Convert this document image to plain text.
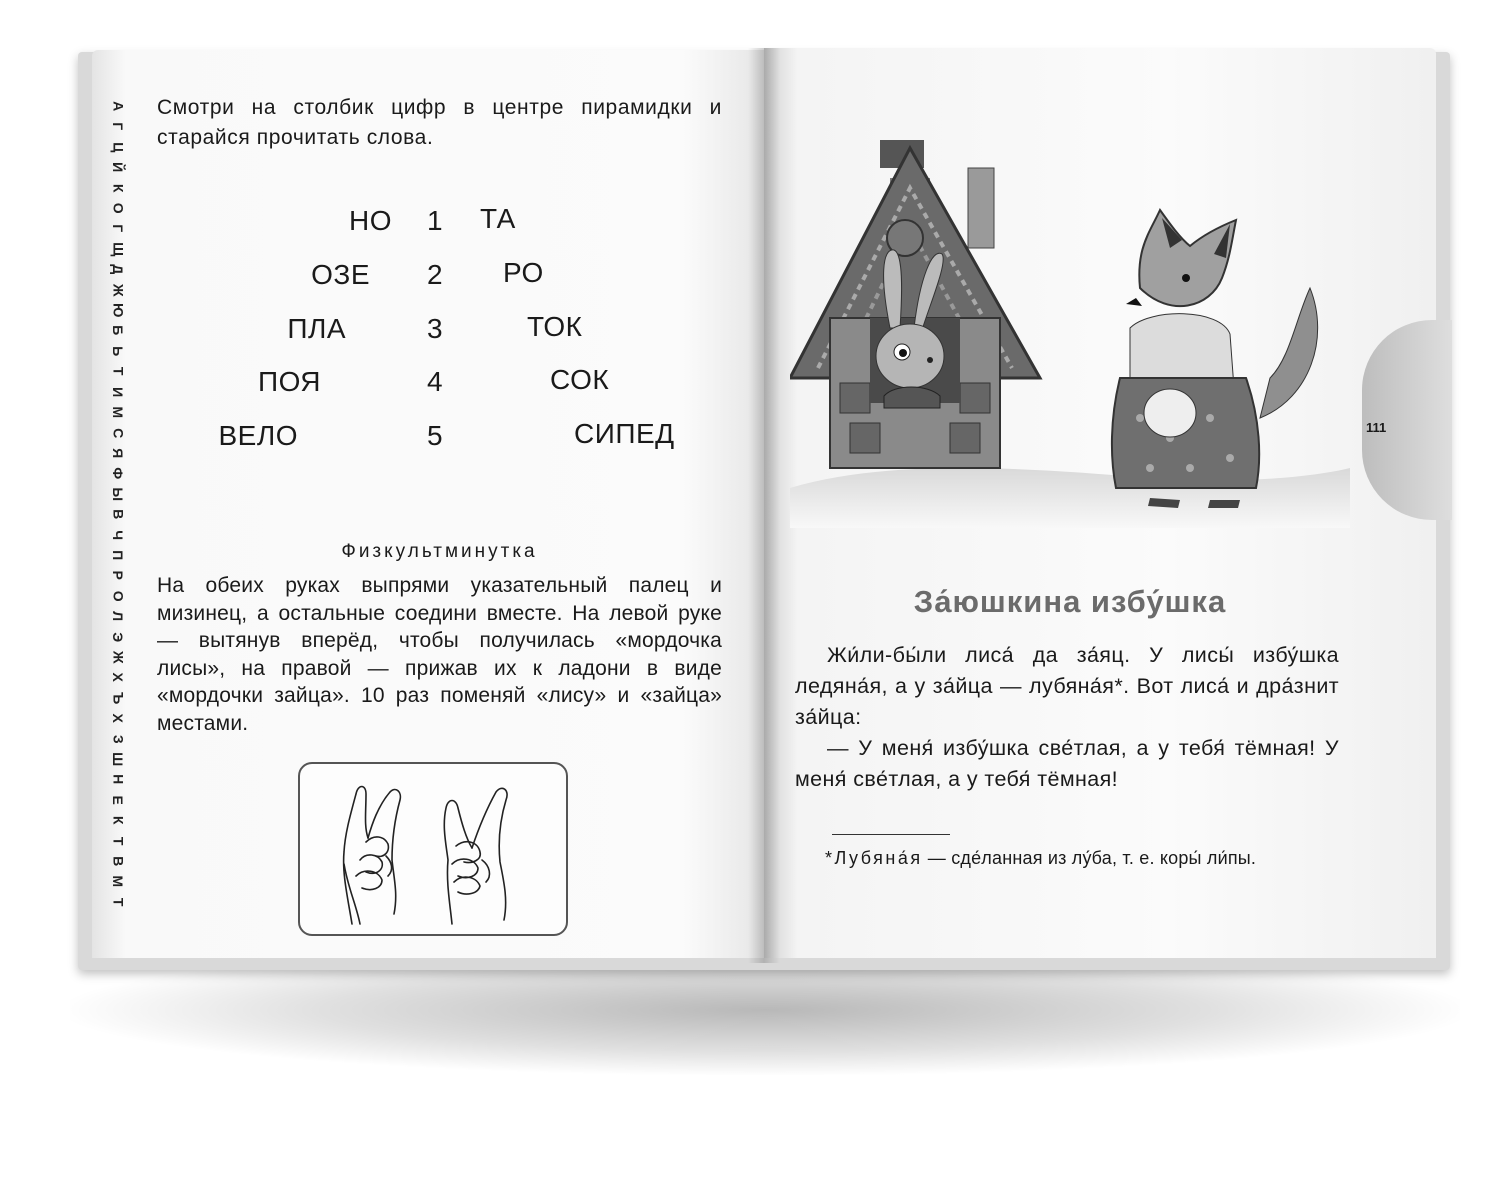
А
Г
Ц
Й
К
О
Г
Щ
Д
Ж
Ю
Б
Ь
Т
И
М
С
Я
Ф
Ы
В
Ч
П
Р
О
Л
Э
Ж
Х
Ъ
Х
З
Ш
Н
Е
К
Т
В
М
Т
Смотри на столбик цифр в центре пирамидки и старайся прочитать слова.
НО 1 ТА
ОЗЕ 2 РО
ПЛА	3	ТОК
ПОЯ	4	СОК
ВЕЛО	5	СИПЕД
Физкультминутка
На обеих руках выпрями указательный палец и мизинец, а остальные соедини вместе. На левой руке — вытянув вперёд, чтобы получилась «мордочка лисы», на правой — прижав их к ладони в виде «мордочки зайца». 10 раз поменяй «лису» и «зайца» местами.
111
За́юшкина избу́шка

Жи́ли-бы́ли лиса́ да за́яц. У лисы́ избу́шка ледяна́я, а у за́йца — лубяна́я*. Вот лиса́ и дра́знит за́йца:

— У меня́ избу́шка све́тлая, а у тебя́ тёмная! У меня́ све́тлая, а у тебя́ тёмная!

*Лубяна́я — сде́ланная из лу́ба, т. е. коры́ ли́пы.
